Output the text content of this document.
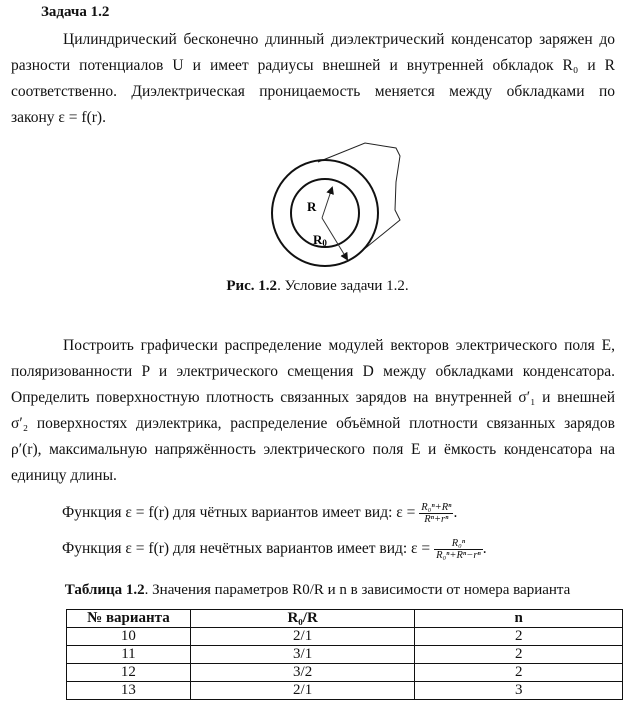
Задача 1.2
Цилиндрический бесконечно длинный диэлектрический конденсатор заряжен до
разности потенциалов U и имеет радиусы внешней и внутренней обкладок R₀ и R
соответственно. Диэлектрическая проницаемость меняется между обкладками по
закону ε = f(r).
R
R0
Рис. 1.2. Условие задачи 1.2.
Построить графически распределение модулей векторов электрического поля E,
поляризованности P и электрического смещения D между обкладками конденсатора.
Определить поверхностную плотность связанных зарядов на внутренней σ′₁ и внешней
σ′₂ поверхностях диэлектрика, распределение объёмной плотности связанных зарядов
ρ′(r), максимальную напряжённость электрического поля E и ёмкость конденсатора на
единицу длины.
Функция ε = f(r) для чётных вариантов имеет вид: $\varepsilon = \frac{\text{R₀ⁿ+Rⁿ}}{\text{Rⁿ+rⁿ}}$ .
Функция ε = f(r) для нечётных вариантов имеет вид: $\varepsilon = \frac{\text{R₀ⁿ}}{\text{R₀ⁿ+Rⁿ−rⁿ}}$ .
Таблица 1.2. Значения параметров R0/R и n в зависимости от номера варианта
№ варианта	R₀/R	n
10	2/1	2
11	3/1	2
12	3/2	2
13	2/1	3
